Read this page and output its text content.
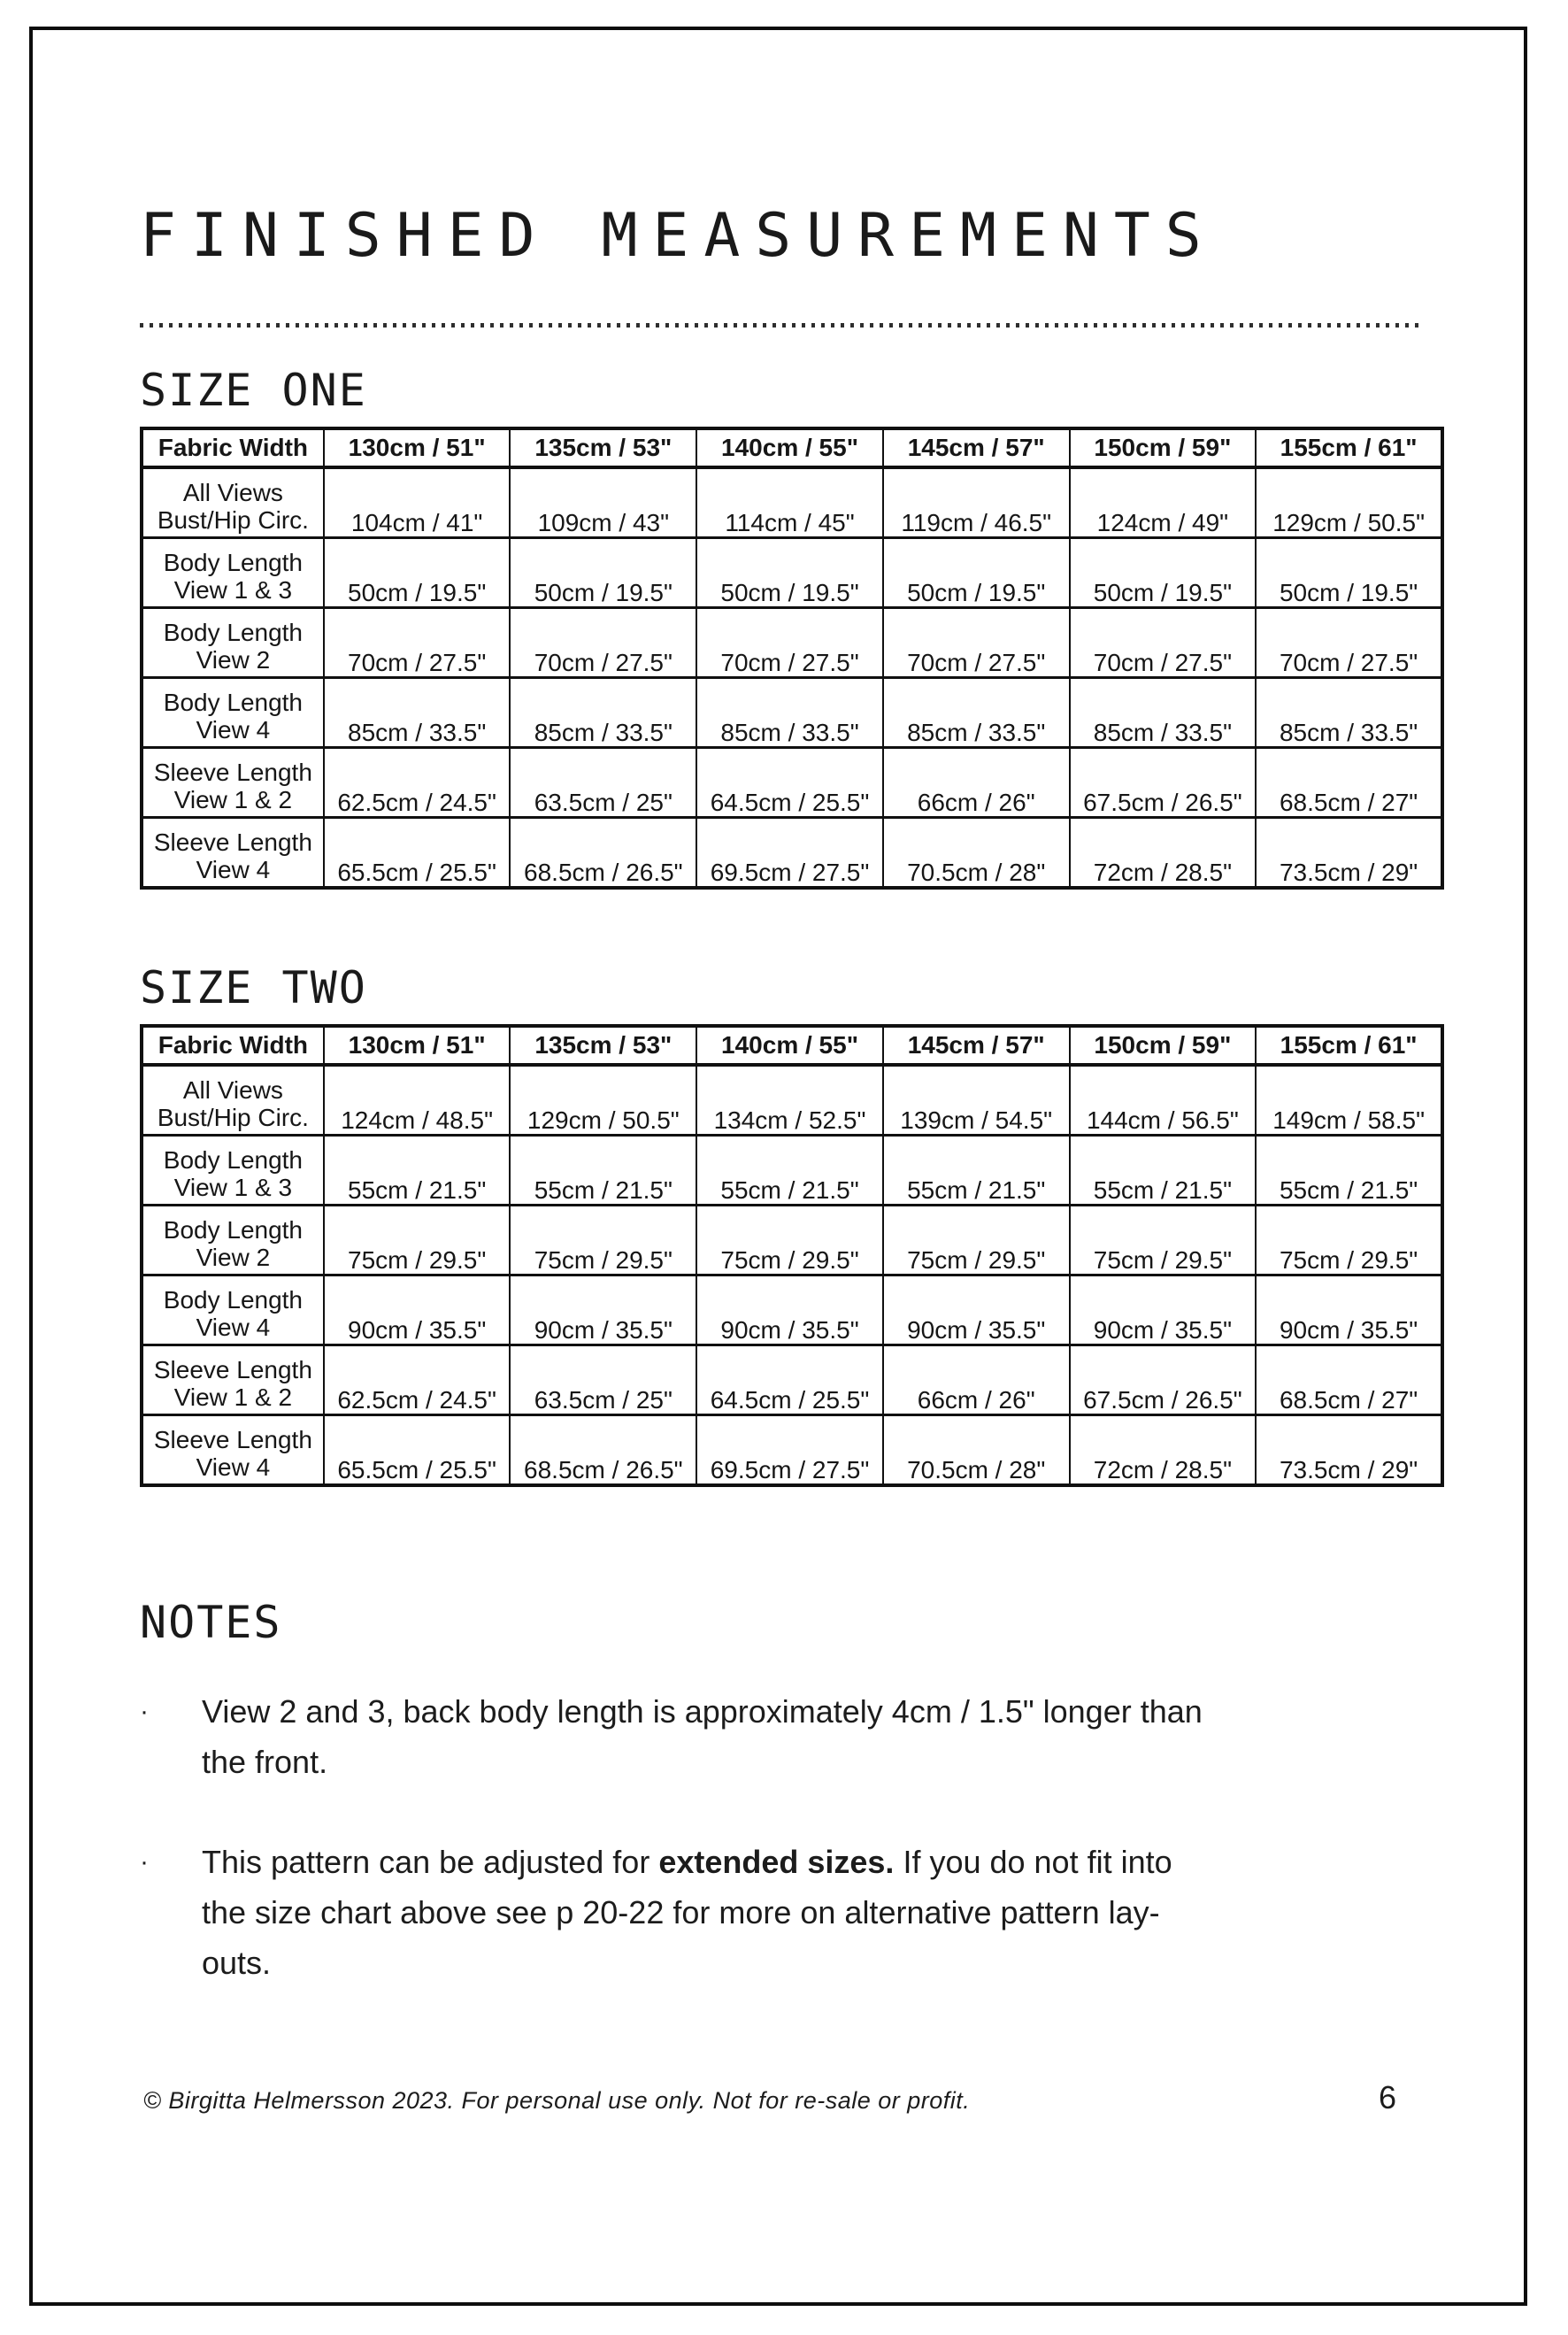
FINISHED MEASUREMENTS
SIZE ONE
Fabric Width	130cm / 51"	135cm / 53"	140cm / 55"	145cm / 57"	150cm / 59"	155cm / 61"

All Views
Bust/Hip Circ.	104cm / 41"	109cm / 43"	114cm / 45"	119cm / 46.5"	124cm / 49"	129cm / 50.5"

Body Length
View 1 & 3	50cm / 19.5"	50cm / 19.5"	50cm / 19.5"	50cm / 19.5"	50cm / 19.5"	50cm / 19.5"

Body Length
View 2	70cm / 27.5"	70cm / 27.5"	70cm / 27.5"	70cm / 27.5"	70cm / 27.5"	70cm / 27.5"

Body Length
View 4	85cm / 33.5"	85cm / 33.5"	85cm / 33.5"	85cm / 33.5"	85cm / 33.5"	85cm / 33.5"

Sleeve Length
View 1 & 2	62.5cm / 24.5"	63.5cm / 25"	64.5cm / 25.5"	66cm / 26"	67.5cm / 26.5"	68.5cm / 27"

Sleeve Length
View 4	65.5cm / 25.5"	68.5cm / 26.5"	69.5cm / 27.5"	70.5cm / 28"	72cm / 28.5"	73.5cm / 29"
SIZE TWO
Fabric Width	130cm / 51"	135cm / 53"	140cm / 55"	145cm / 57"	150cm / 59"	155cm / 61"

All Views
Bust/Hip Circ.	124cm / 48.5"	129cm / 50.5"	134cm / 52.5"	139cm / 54.5"	144cm / 56.5"	149cm / 58.5"

Body Length
View 1 & 3	55cm / 21.5"	55cm / 21.5"	55cm / 21.5"	55cm / 21.5"	55cm / 21.5"	55cm / 21.5"

Body Length
View 2	75cm / 29.5"	75cm / 29.5"	75cm / 29.5"	75cm / 29.5"	75cm / 29.5"	75cm / 29.5"

Body Length
View 4	90cm / 35.5"	90cm / 35.5"	90cm / 35.5"	90cm / 35.5"	90cm / 35.5"	90cm / 35.5"

Sleeve Length
View 1 & 2	62.5cm / 24.5"	63.5cm / 25"	64.5cm / 25.5"	66cm / 26"	67.5cm / 26.5"	68.5cm / 27"

Sleeve Length
View 4	65.5cm / 25.5"	68.5cm / 26.5"	69.5cm / 27.5"	70.5cm / 28"	72cm / 28.5"	73.5cm / 29"
NOTES
·	View 2 and 3, back body length is approximately 4cm / 1.5" longer than
the front.
·	This pattern can be adjusted for extended sizes. If you do not fit into
the size chart above see p 20-22 for more on alternative pattern lay-
outs.
© Birgitta Helmersson 2023. For personal use only. Not for re-sale or profit.	6
